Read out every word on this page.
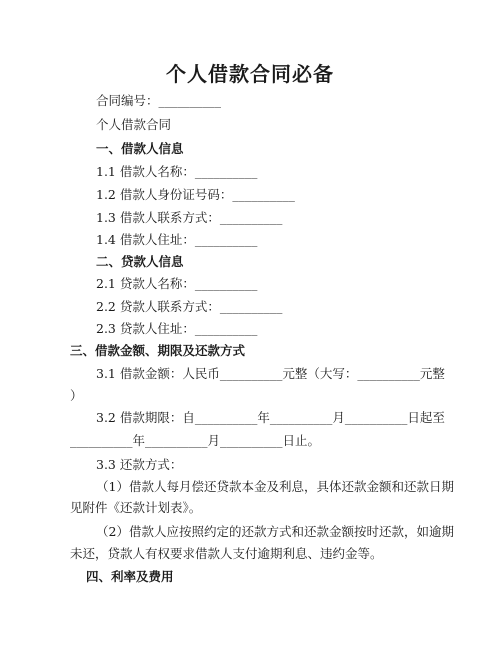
个人借款合同必备
合同编号：__________
个人借款合同
一、借款人信息
1.1 借款人名称：__________
1.2 借款人身份证号码：__________
1.3 借款人联系方式：__________
1.4 借款人住址：__________
二、贷款人信息
2.1 贷款人名称：__________
2.2 贷款人联系方式：__________
2.3 贷款人住址：__________
三、借款金额、期限及还款方式
3.1 借款金额：人民币__________元整（大写：__________元整
）
3.2 借款期限：自__________年__________月__________日起至
__________年__________月__________日止。
3.3 还款方式：
（1）借款人每月偿还贷款本金及利息，具体还款金额和还款日期
见附件《还款计划表》。
（2）借款人应按照约定的还款方式和还款金额按时还款，如逾期
未还，贷款人有权要求借款人支付逾期利息、违约金等。
四、利率及费用
